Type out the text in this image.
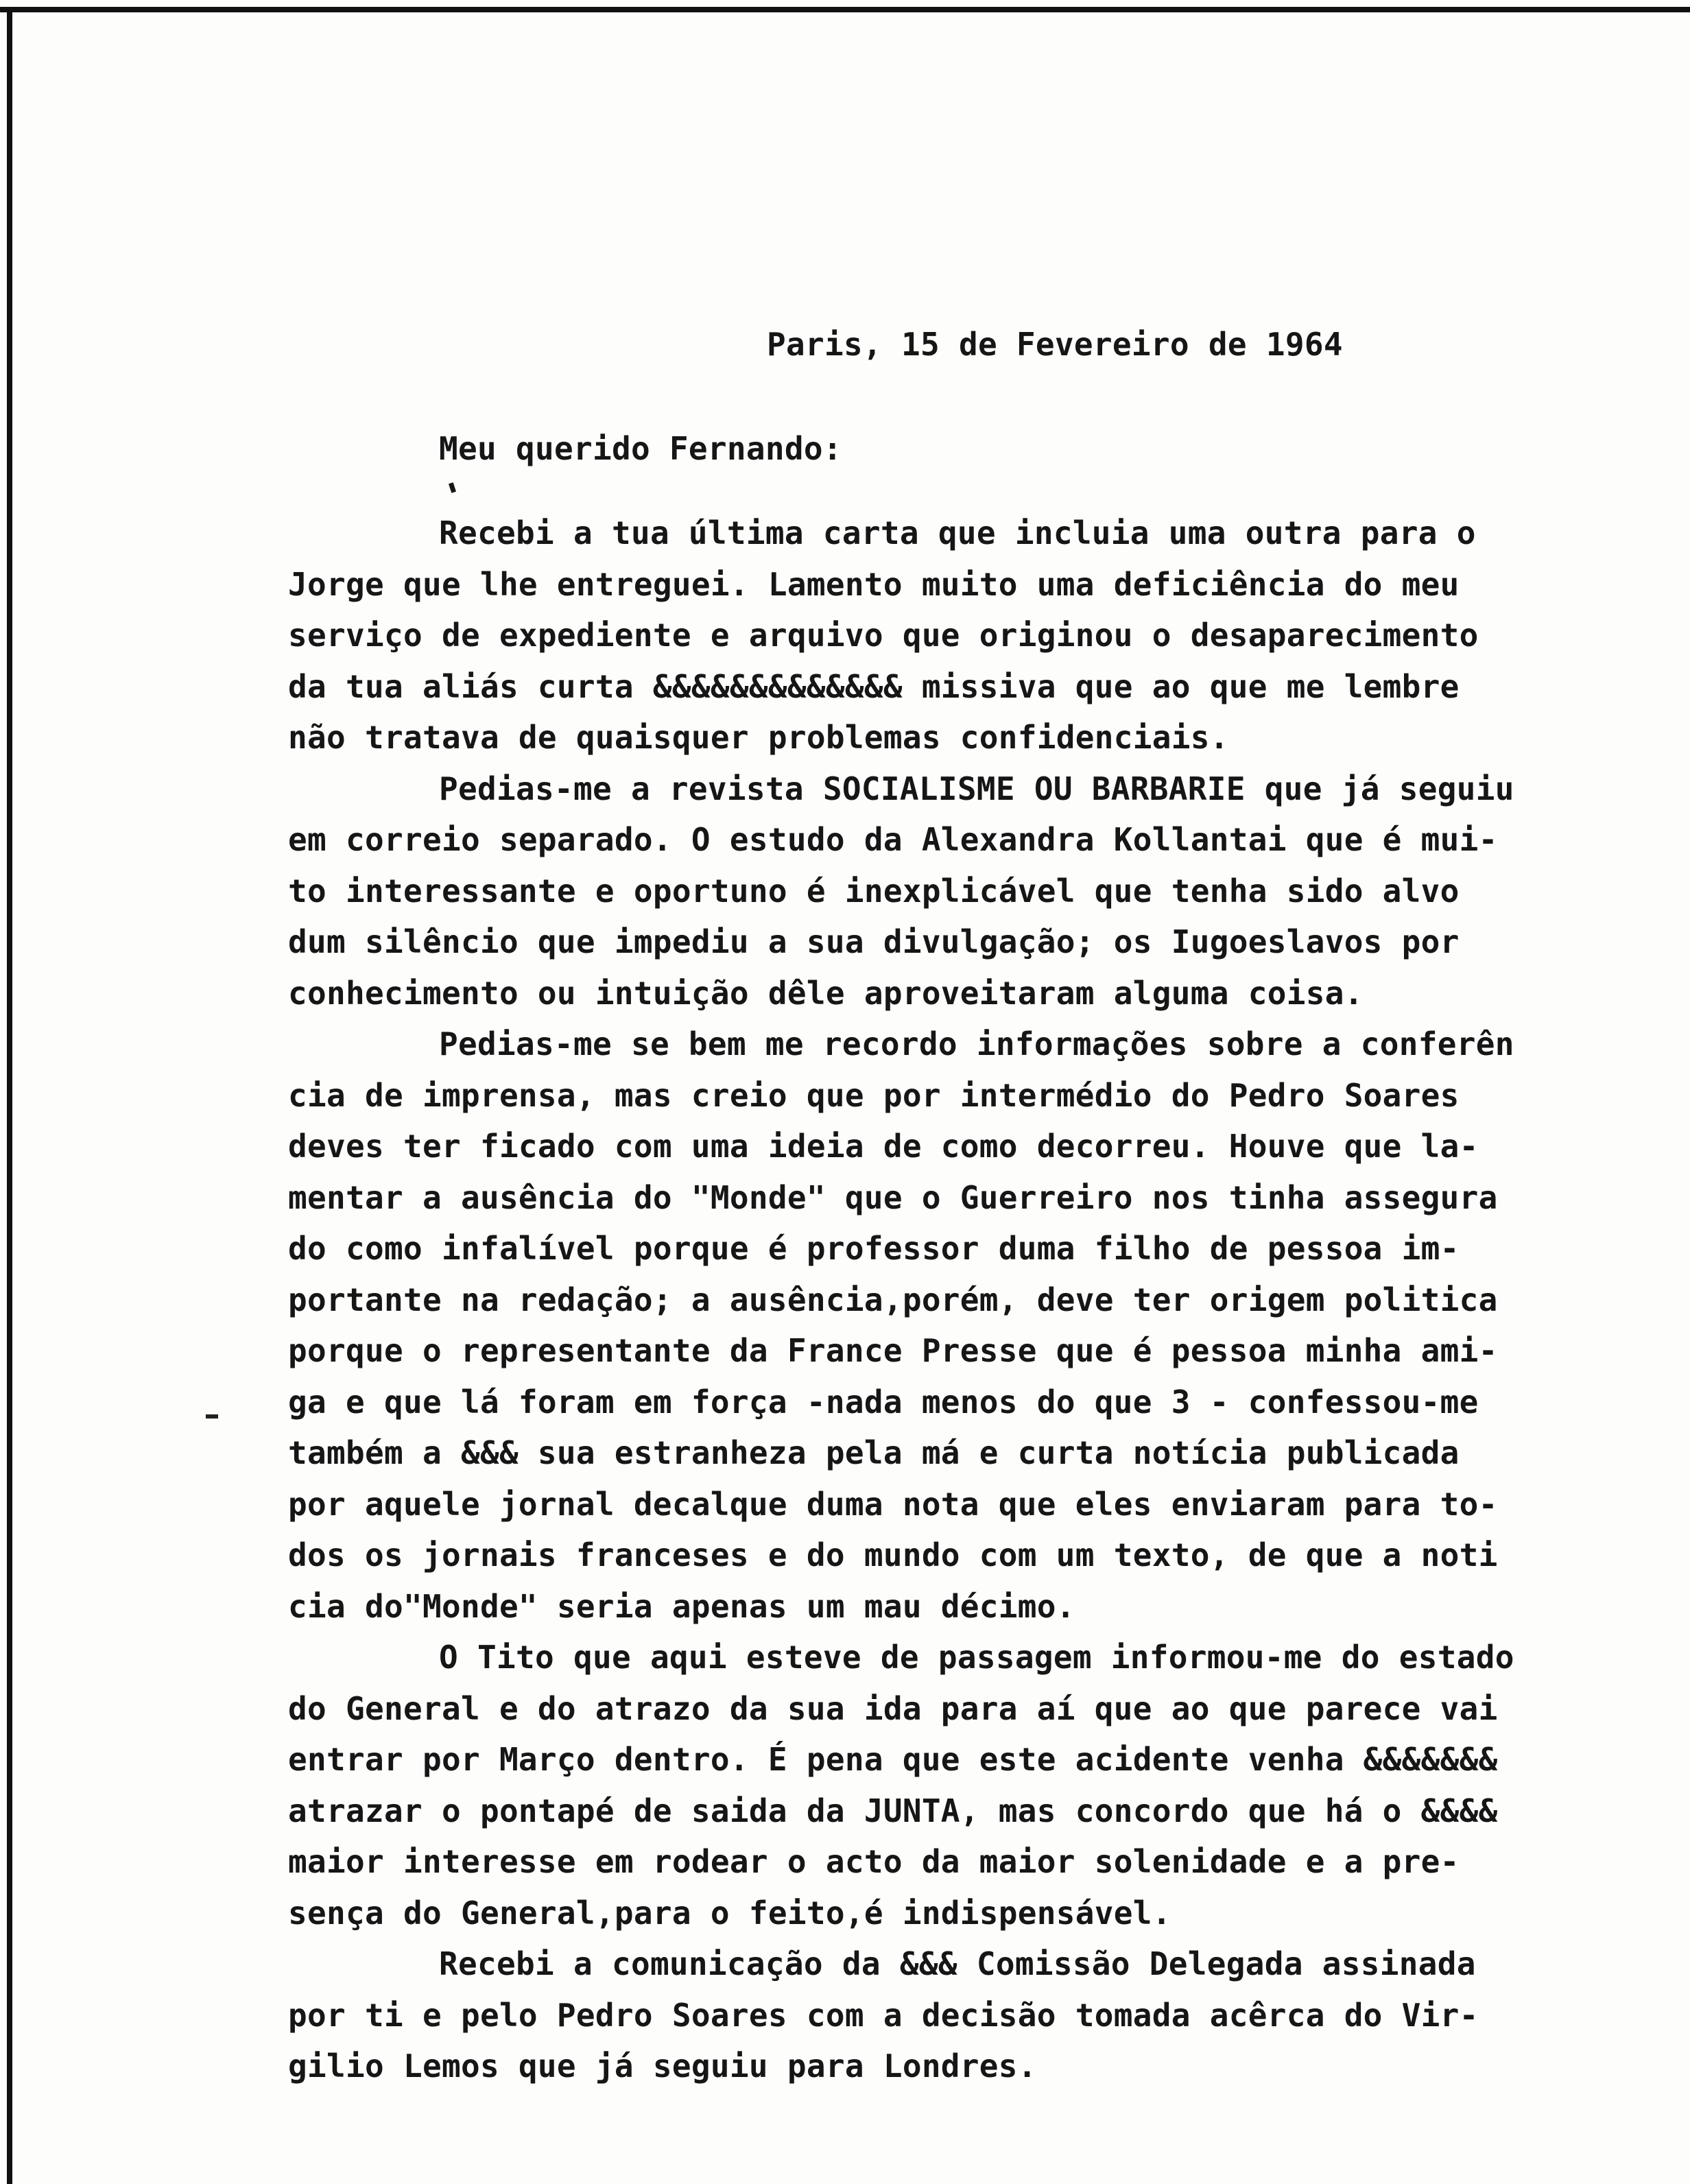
Paris, 15 de Fevereiro de 1964
Meu querido Fernando:
Recebi a tua última carta que incluia uma outra para o
Jorge que lhe entreguei. Lamento muito uma deficiência do meu
serviço de expediente e arquivo que originou o desaparecimento
da tua aliás curta &&&&&&&&&&&&& missiva que ao que me lembre
não tratava de quaisquer problemas confidenciais.
Pedias-me a revista SOCIALISME OU BARBARIE que já seguiu
em correio separado. O estudo da Alexandra Kollantai que é mui-
to interessante e oportuno é inexplicável que tenha sido alvo
dum silêncio que impediu a sua divulgação; os Iugoeslavos por
conhecimento ou intuição dêle aproveitaram alguma coisa.
Pedias-me se bem me recordo informações sobre a conferên
cia de imprensa, mas creio que por intermédio do Pedro Soares
deves ter ficado com uma ideia de como decorreu. Houve que la-
mentar a ausência do "Monde" que o Guerreiro nos tinha assegura
do como infalível porque é professor duma filho de pessoa im-
portante na redação; a ausência,porém, deve ter origem politica
porque o representante da France Presse que é pessoa minha ami-
ga e que lá foram em força -nada menos do que 3 - confessou-me
também a &&& sua estranheza pela má e curta notícia publicada
por aquele jornal decalque duma nota que eles enviaram para to-
dos os jornais franceses e do mundo com um texto, de que a noti
cia do"Monde" seria apenas um mau décimo.
O Tito que aqui esteve de passagem informou-me do estado
do General e do atrazo da sua ida para aí que ao que parece vai
entrar por Março dentro. É pena que este acidente venha &&&&&&&
atrazar o pontapé de saida da JUNTA, mas concordo que há o &&&&
maior interesse em rodear o acto da maior solenidade e a pre-
sença do General,para o feito,é indispensável.
Recebi a comunicação da &&& Comissão Delegada assinada
por ti e pelo Pedro Soares com a decisão tomada acêrca do Vir-
gilio Lemos que já seguiu para Londres.
